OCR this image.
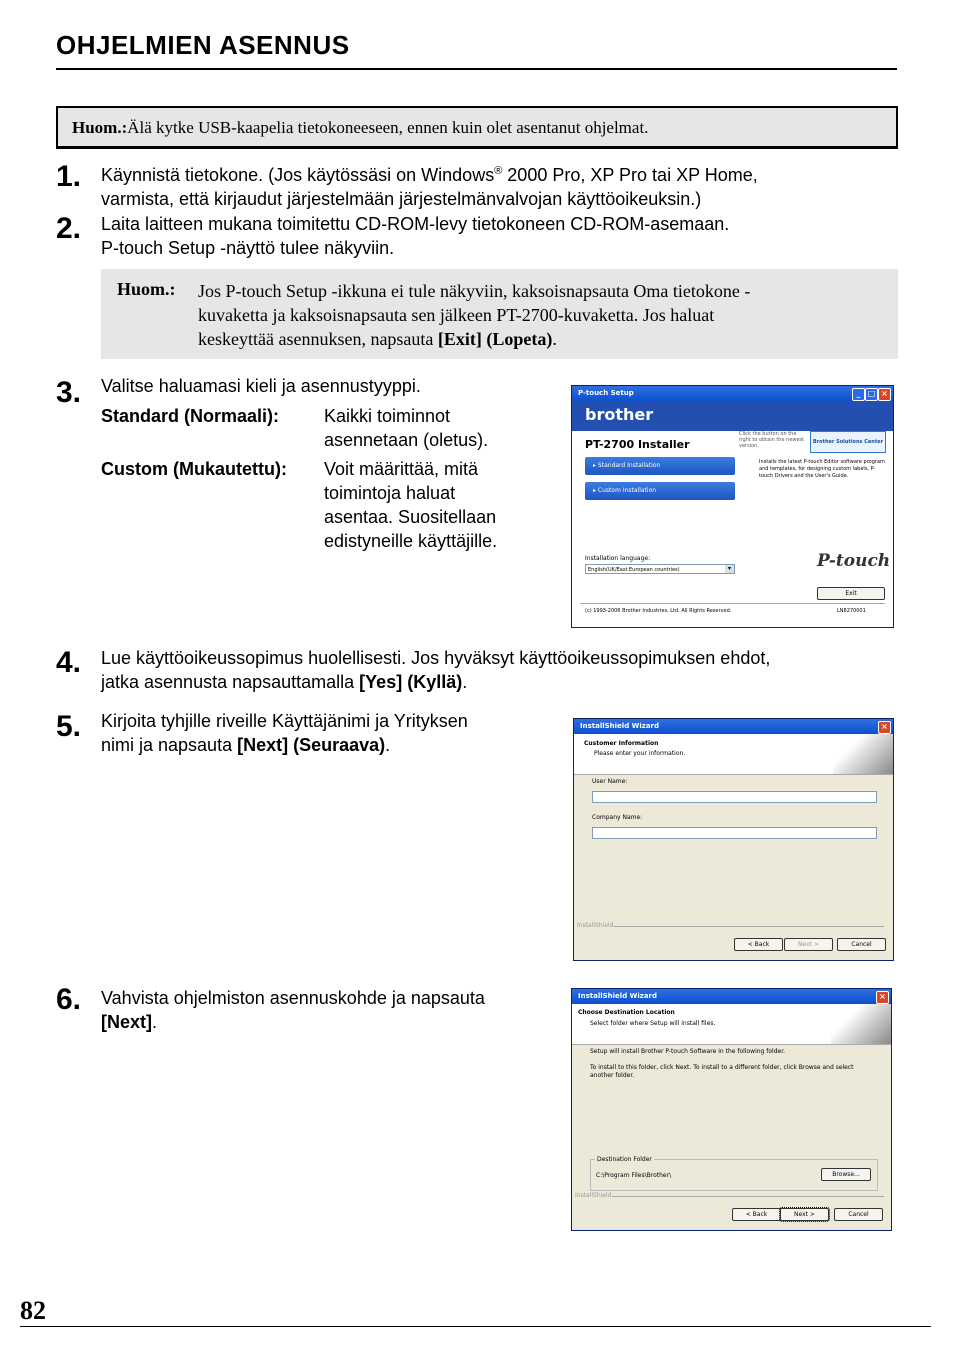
OHJELMIEN ASENNUS
Huom.:Älä kytke USB-kaapelia tietokoneeseen, ennen kuin olet asentanut ohjelmat.
1. Käynnistä tietokone. (Jos käytössäsi on Windows® 2000 Pro, XP Pro tai XP Home,
varmista, että kirjaudut järjestelmään järjestelmänvalvojan käyttöoikeuksin.)
2. Laita laitteen mukana toimitettu CD-ROM-levy tietokoneen CD-ROM-asemaan.
P-touch Setup -näyttö tulee näkyviin.
Huom.: Jos P-touch Setup -ikkuna ei tule näkyviin, kaksoisnapsauta Oma tietokone -
kuvaketta ja kaksoisnapsauta sen jälkeen PT-2700-kuvaketta. Jos haluat
keskeyttää asennuksen, napsauta [Exit] (Lopeta).
3. Valitse haluamasi kieli ja asennustyyppi.
Standard (Normaali): Kaikki toiminnot
asennetaan (oletus).
Custom (Mukautettu): Voit määrittää, mitä
toimintoja haluat
asentaa. Suositellaan
edistyneille käyttäjille.
P-touch Setup	_ □ ×
brother
PT-2700 Installer
Click the button on the right to obtain the newest version.
Brother Solutions Center
▸ Standard Installation
▸ Custom Installation
Installs the latest P-touch Editor software program and templates, for designing custom labels, P-touch Drivers and the User's Guide.
Installation language:
English(UK/East European countries)	▾	P-touch
Exit
(c) 1993-2006 Brother Industries, Ltd. All Rights Reserved.	LN8270001
4. Lue käyttöoikeussopimus huolellisesti. Jos hyväksyt käyttöoikeussopimuksen ehdot,
jatka asennusta napsauttamalla [Yes] (Kyllä).
5. Kirjoita tyhjille riveille Käyttäjänimi ja Yrityksen
nimi ja napsauta [Next] (Seuraava).
InstallShield Wizard	×
Customer Information
Please enter your information.
User Name:
Company Name:
InstallShield
< Back	Next >	Cancel
6. Vahvista ohjelmiston asennuskohde ja napsauta
[Next].
InstallShield Wizard	×
Choose Destination Location
Select folder where Setup will install files.
Setup will install Brother P-touch Software in the following folder.
To install to this folder, click Next. To install to a different folder, click Browse and select another folder.
Destination Folder
C:\Program Files\Brother\	Browse...
InstallShield
< Back	Next >	Cancel
82
